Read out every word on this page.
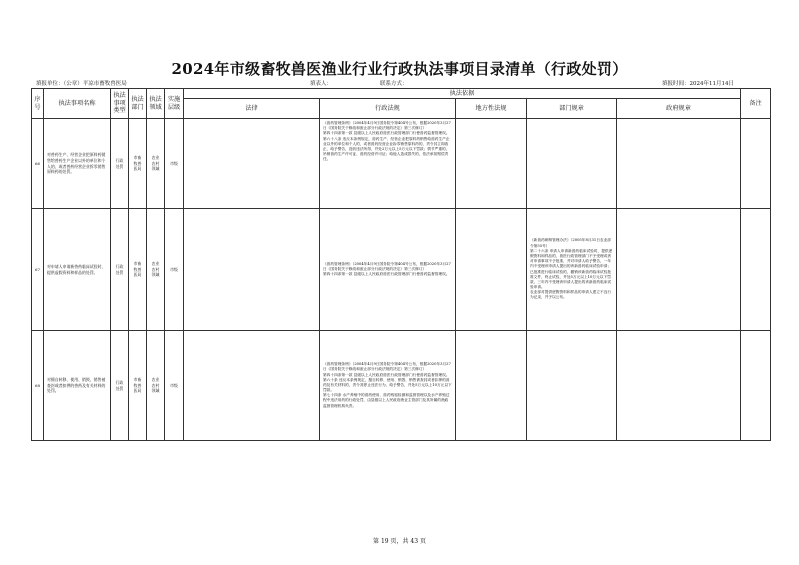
2024年市级畜牧兽医渔业行业行政执法事项目录清单（行政处罚）
填报单位：（公章）平凉市畜牧兽医局	填表人：	联系方式：	填报时间：2024年11月14日
序号	执法事项名称	执法事项类型	执法部门	执法领域	实施层级	执法依据					备注
						法律	行政法规	地方性法规	部门规章	政府规章	
66	对兽药生产、经营企业把原料药销售给兽药生产企业以外的单位和个人的，或者兽药经营企业拆零销售原料药的处罚。	行政处罚	市畜牧兽医局	农业农村领域	市级		《兽药管理条例》（2004年4月9日国务院令第404号公布，根据2020年3月27日《国务院关于修改和废止部分行政法规的决定》第三次修订）
第四十四条第一款 县级以上人民政府兽医行政管理部门行使兽药监督管理权。
第六十八条 违反本条例规定，兽药生产、经营企业把原料药销售给兽药生产企业以外的单位和个人的，或者兽药经营企业拆零销售原料药的，责令其立即改正，给予警告，没收违法所得，并处2万元以上5万元以下罚款；情节严重的，吊销兽药生产许可证、兽药经营许可证；给他人造成损失的，依法承担赔偿责任。				
67	对申请人申请新兽药临床试验时，提供虚假资料和样品的处罚。	行政处罚	市畜牧兽医局	农业农村领域	市级		《兽药管理条例》（2004年4月9日国务院令第404号公布，根据2020年3月27日《国务院关于修改和废止部分行政法规的决定》第三次修订）
第四十四条第一款 县级以上人民政府兽医行政管理部门行使兽药监督管理权。		《新兽药研制管理办法》（2005年8月31日农业部令第55号）
第二十六条 申请人申请新兽药临床试验时，提供虚假资料和样品的，兽医行政管理部门不予受理或者对申请事项不予批准，并对申请人给予警告，一年内不受理该申请人提出的该新兽药临床试验申请；已批准进行临床试验的，撤销该新兽药临床试验批准文件，终止试验，并处5万元以上10万元以下罚款，三年内不受理该申请人提出的该新兽药临床试验申请。
农业部对提供虚假资料和样品的申请人建立不良行为记录，并予以公布。		
68	对擅自转移、使用、销毁、销售被查封或者扣押的兽药及有关材料的处罚。	行政处罚	市畜牧兽医局	农业农村领域	市级		《兽药管理条例》（2004年4月9日国务院令第404号公布，根据2020年3月27日《国务院关于修改和废止部分行政法规的决定》第三次修订）
第四十四条第一款 县级以上人民政府兽医行政管理部门行使兽药监督管理权。
第六十条 违反本条例规定，擅自转移、使用、销毁、销售被查封或者扣押的兽药及有关材料的，责令其停止违法行为，给予警告，并处5万元以上10万元以下罚款。
第七十四条 水产养殖中的兽药使用、兽药残留检测和监督管理以及水产养殖过程中违法用药的行政处罚，由县级以上人民政府渔业主管部门及其所属的渔政监督管理机构负责。				
第 19 页，共 43 页
